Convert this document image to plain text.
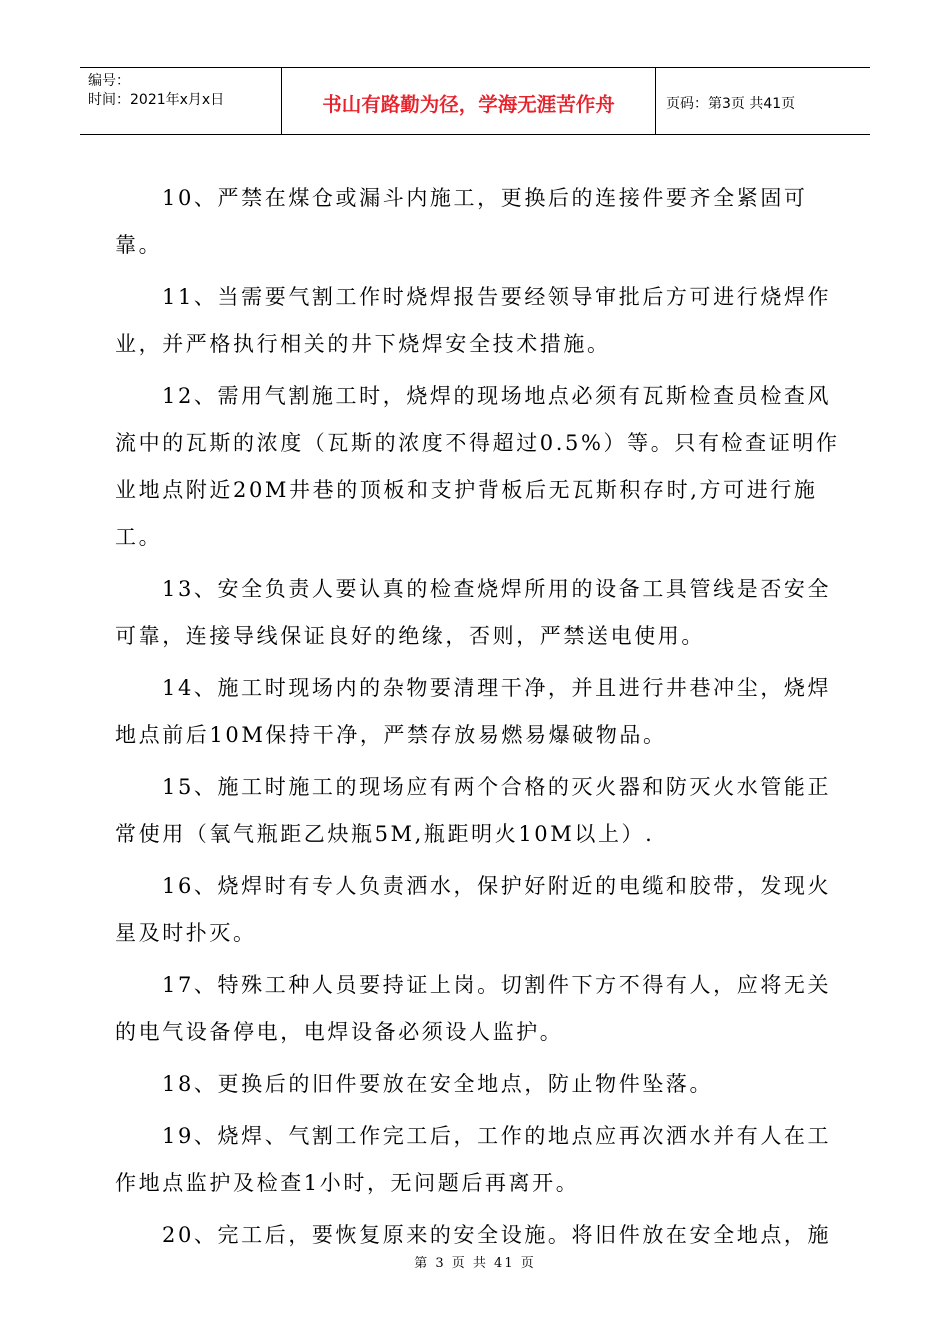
编号：
时间：2021年x月x日	书山有路勤为径，学海无涯苦作舟	页码：第3页 共41页

10、严禁在煤仓或漏斗内施工，更换后的连接件要齐全紧固可靠。

11、当需要气割工作时烧焊报告要经领导审批后方可进行烧焊作业，并严格执行相关的井下烧焊安全技术措施。

12、需用气割施工时，烧焊的现场地点必须有瓦斯检查员检查风流中的瓦斯的浓度（瓦斯的浓度不得超过0.5%）等。只有检查证明作业地点附近20M井巷的顶板和支护背板后无瓦斯积存时,方可进行施工。

13、安全负责人要认真的检查烧焊所用的设备工具管线是否安全可靠，连接导线保证良好的绝缘，否则，严禁送电使用。

14、施工时现场内的杂物要清理干净，并且进行井巷冲尘，烧焊地点前后10M保持干净，严禁存放易燃易爆破物品。

15、施工时施工的现场应有两个合格的灭火器和防灭火水管能正常使用（氧气瓶距乙炔瓶5M,瓶距明火10M以上）.

16、烧焊时有专人负责洒水，保护好附近的电缆和胶带，发现火星及时扑灭。

17、特殊工种人员要持证上岗。切割件下方不得有人，应将无关的电气设备停电，电焊设备必须设人监护。

18、更换后的旧件要放在安全地点，防止物件坠落。

19、烧焊、气割工作完工后，工作的地点应再次洒水并有人在工作地点监护及检查1小时，无问题后再离开。

20、完工后，要恢复原来的安全设施。将旧件放在安全地点，施

第 3 页 共 41 页
